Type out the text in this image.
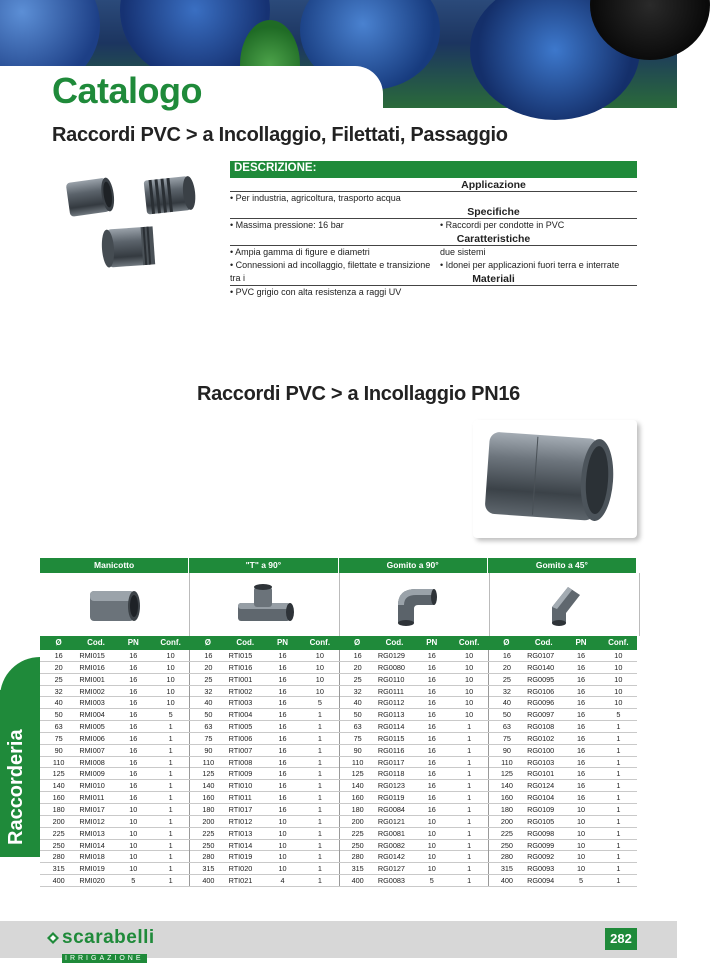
Catalogo
Raccordi PVC > a Incollaggio, Filettati, Passaggio
DESCRIZIONE:
Applicazione
• Per industria, agricoltura, trasporto acqua
Specifiche
• Massima pressione: 16 bar	• Raccordi per condotte in PVC
Caratteristiche
• Ampia gamma di figure e diametri	due sistemi
• Connessioni ad incollaggio, filettate e transizione tra i
• Idonei per applicazioni fuori terra e interrate
Materiali
• PVC grigio con alta resistenza a raggi UV
Raccordi PVC > a Incollaggio PN16
Raccorderia
Manicotto	"T" a 90°	Gomito a 90°	Gomito a 45°
Ø	Cod.	PN	Conf.	Ø	Cod.	PN	Conf.	Ø	Cod.	PN	Conf.	Ø	Cod.	PN	Conf.
16	RMI015	16	10	16	RTI015	16	10	16	RG0129	16	10	16	RG0107	16	10
20	RMI016	16	10	20	RTI016	16	10	20	RG0080	16	10	20	RG0140	16	10
25	RMI001	16	10	25	RTI001	16	10	25	RG0110	16	10	25	RG0095	16	10
32	RMI002	16	10	32	RTI002	16	10	32	RG0111	16	10	32	RG0106	16	10
40	RMI003	16	10	40	RTI003	16	5	40	RG0112	16	10	40	RG0096	16	10
50	RMI004	16	5	50	RTI004	16	1	50	RG0113	16	10	50	RG0097	16	5
63	RMI005	16	1	63	RTI005	16	1	63	RG0114	16	1	63	RG0108	16	1
75	RMI006	16	1	75	RTI006	16	1	75	RG0115	16	1	75	RG0102	16	1
90	RMI007	16	1	90	RTI007	16	1	90	RG0116	16	1	90	RG0100	16	1
110	RMI008	16	1	110	RTI008	16	1	110	RG0117	16	1	110	RG0103	16	1
125	RMI009	16	1	125	RTI009	16	1	125	RG0118	16	1	125	RG0101	16	1
140	RMI010	16	1	140	RTI010	16	1	140	RG0123	16	1	140	RG0124	16	1
160	RMI011	16	1	160	RTI011	16	1	160	RG0119	16	1	160	RG0104	16	1
180	RMI017	10	1	180	RTI017	16	1	180	RG0084	16	1	180	RG0109	10	1
200	RMI012	10	1	200	RTI012	10	1	200	RG0121	10	1	200	RG0105	10	1
225	RMI013	10	1	225	RTI013	10	1	225	RG0081	10	1	225	RG0098	10	1
250	RMI014	10	1	250	RTI014	10	1	250	RG0082	10	1	250	RG0099	10	1
280	RMI018	10	1	280	RTI019	10	1	280	RG0142	10	1	280	RG0092	10	1
315	RMI019	10	1	315	RTI020	10	1	315	RG0127	10	1	315	RG0093	10	1
400	RMI020	5	1	400	RTI021	4	1	400	RG0083	5	1	400	RG0094	5	1
scarabelli
IRRIGAZIONE
282
